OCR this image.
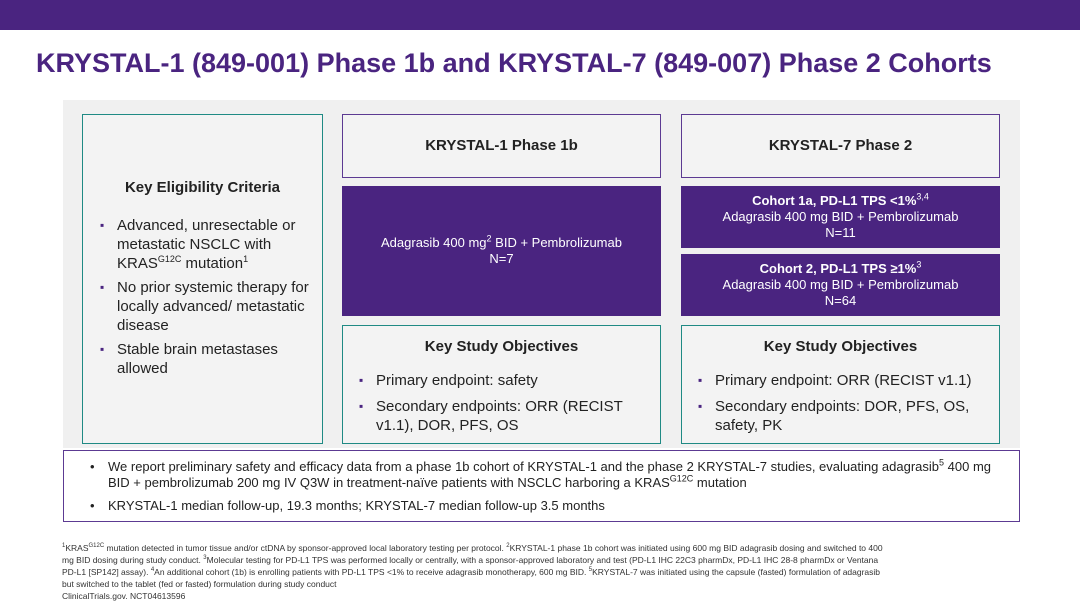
KRYSTAL-1 (849-001) Phase 1b and KRYSTAL-7 (849-007) Phase 2 Cohorts
Key Eligibility Criteria
▪ Advanced, unresectable or metastatic NSCLC with $KRAS^{G12C}$ mutation$^1$
▪ No prior systemic therapy for locally advanced/ metastatic disease
▪ Stable brain metastases allowed
KRYSTAL-1 Phase 1b	KRYSTAL-7 Phase 2
Adagrasib 400 $mg^2$ BID + Pembrolizumab
N=7
Cohort 1a, PD-L1 TPS <1%$^{3,4}$
Adagrasib 400 mg BID + Pembrolizumab
N=11
Cohort 2, PD-L1 TPS ≥1%$^3$
Adagrasib 400 mg BID + Pembrolizumab
N=64
Key Study Objectives
▪ Primary endpoint: safety
▪ Secondary endpoints: ORR (RECIST v1.1), DOR, PFS, OS
Key Study Objectives
▪ Primary endpoint: ORR (RECIST v1.1)
▪ Secondary endpoints: DOR, PFS, OS, safety, PK
• We report preliminary safety and efficacy data from a phase 1b cohort of KRYSTAL-1 and the phase 2 KRYSTAL-7 studies, evaluating adagrasib$^5$ 400 mg BID + pembrolizumab 200 mg IV Q3W in treatment-naïve patients with NSCLC harboring a $KRAS^{G12C}$ mutation
• KRYSTAL-1 median follow-up, 19.3 months; KRYSTAL-7 median follow-up 3.5 months
$^1KRAS^{G12C}$ mutation detected in tumor tissue and/or ctDNA by sponsor-approved local laboratory testing per protocol. $^2$KRYSTAL-1 phase 1b cohort was initiated using 600 mg BID adagrasib dosing and switched to 400 mg BID dosing during study conduct. $^3$Molecular testing for PD-L1 TPS was performed locally or centrally, with a sponsor-approved laboratory and test (PD-L1 IHC 22C3 pharmDx, PD-L1 IHC 28-8 pharmDx or Ventana PD-L1 [SP142] assay). $^4$An additional cohort (1b) is enrolling patients with PD-L1 TPS <1% to receive adagrasib monotherapy, 600 mg BID. $^5$KRYSTAL-7 was initiated using the capsule (fasted) formulation of adagrasib but switched to the tablet (fed or fasted) formulation during study conduct
ClinicalTrials.gov. NCT04613596
